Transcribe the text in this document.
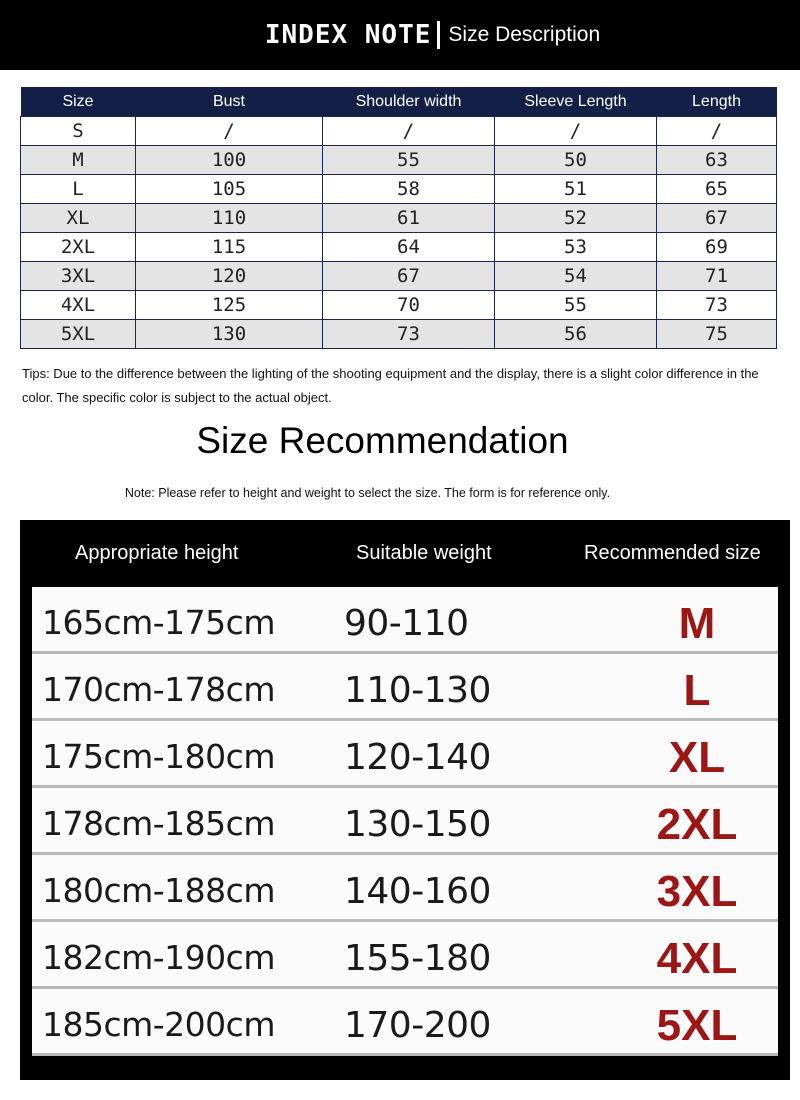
INDEX NOTE Size Description
Size	Bust	Shoulder width	Sleeve Length	Length
S	/	/	/	/
M	100	55	50	63
L	105	58	51	65
XL	110	61	52	67
2XL	115	64	53	69
3XL	120	67	54	71
4XL	125	70	55	73
5XL	130	73	56	75
Tips: Due to the difference between the lighting of the shooting equipment and the display, there is a slight color difference in the color. The specific color is subject to the actual object.
Size Recommendation
Note: Please refer to height and weight to select the size. The form is for reference only.
Appropriate height	Suitable weight	Recommended size
165cm-175cm 90-110	M
170cm-178cm 110-130	L
175cm-180cm 120-140	XL
178cm-185cm 130-150	2XL
180cm-188cm 140-160	3XL
182cm-190cm 155-180	4XL
185cm-200cm 170-200	5XL
